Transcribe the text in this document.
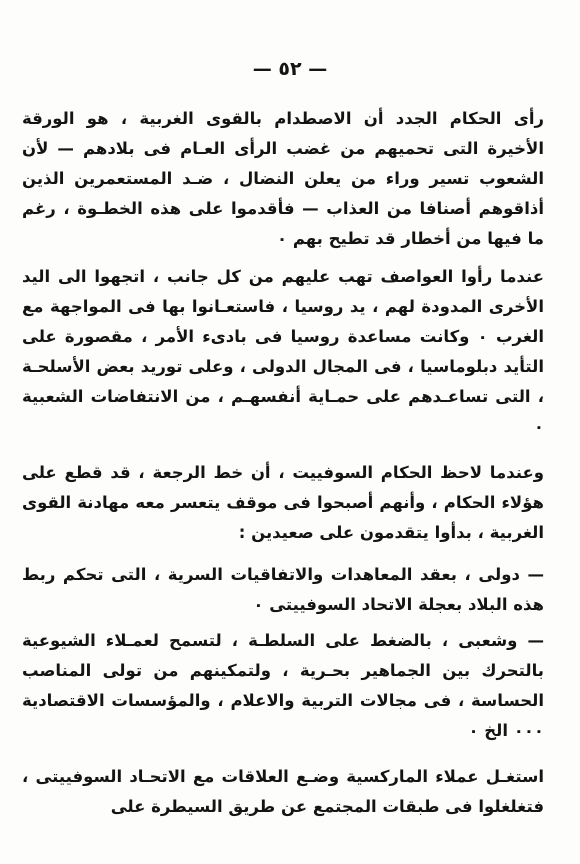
— ٥٢ —

رأى الحكام الجدد أن الاصطدام بالقوى الغربية ، هو الورقة الأخيرة التى تحميهم من غضب الرأى العـام فى بلادهم — لأن الشعوب تسير وراء من يعلن النضال ، ضـد المستعمرين الذين أذاقوهم أصنافا من العذاب — فأقدموا على هذه الخطـوة ، رغم ما فيها من أخطار قد تطيح بهم ٠

عندما رأوا العواصف تهب عليهم من كل جانب ، اتجهوا الى اليد الأخرى المدودة لهم ، يد روسيا ، فاستعـانوا بها فى المواجهة مع الغرب ٠ وكانت مساعدة روسيا فى بادىء الأمر ، مقصورة على التأيد دبلوماسيا ، فى المجال الدولى ، وعلى توريد بعض الأسلحـة ، التى تساعـدهم على حمـاية أنفسهـم ، من الانتفاضات الشعبية ٠

وعندما لاحظ الحكام السوفييت ، أن خط الرجعة ، قد قطع على هؤلاء الحكام ، وأنهم أصبحوا فى موقف يتعسر معه مهادنة القوى الغربية ، بدأوا يتقدمون على صعيدين :

— دولى ، بعقد المعاهدات والاتفاقيات السرية ، التى تحكم ربط هذه البلاد بعجلة الاتحاد السوفييتى ٠

— وشعبى ، بالضغط على السلطـة ، لتسمح لعمـلاء الشيوعية بالتحرك بين الجماهير بحـرية ، ولتمكينهم من تولى المناصب الحساسة ، فى مجالات التربية والاعلام ، والمؤسسات الاقتصادية ٠٠٠ الخ ٠

استغـل عملاء الماركسية وضـع العلاقات مع الاتحـاد السوفييتى ، فتغلغلوا فى طبقات المجتمع عن طريق السيطرة على
